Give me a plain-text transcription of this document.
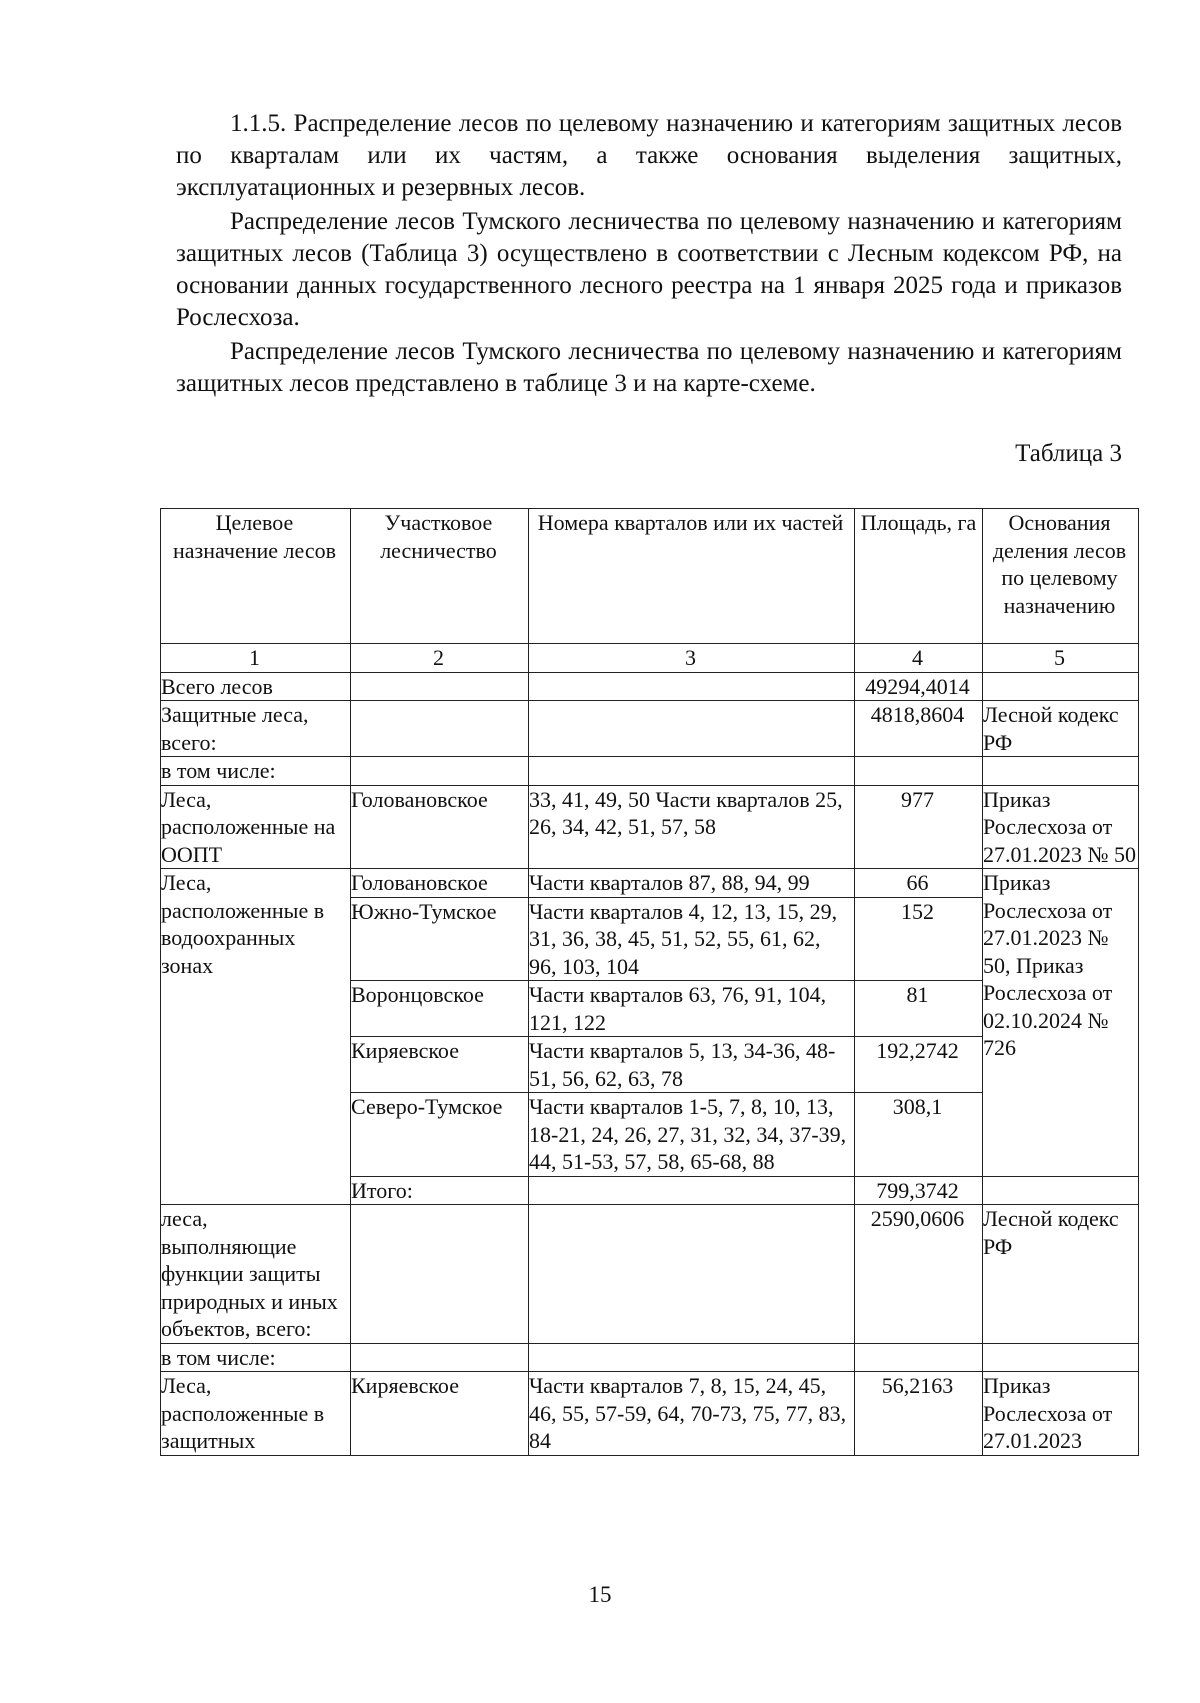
1.1.5. Распределение лесов по целевому назначению и категориям защитных лесов по кварталам или их частям, а также основания выделения защитных, эксплуатационных и резервных лесов.

Распределение лесов Тумского лесничества по целевому назначению и категориям защитных лесов (Таблица 3) осуществлено в соответствии с Лесным кодексом РФ, на основании данных государственного лесного реестра на 1 января 2025 года и приказов Рослесхоза.

Распределение лесов Тумского лесничества по целевому назначению и категориям защитных лесов представлено в таблице 3 и на карте-схеме.

Таблица 3
Целевое назначение лесов	Участковое лесничество	Номера кварталов или их частей	Площадь, га	Основания деления лесов по целевому назначению
1	2	3	4	5
Всего лесов			49294,4014	
Защитные леса, всего:			4818,8604	Лесной кодекс РФ
в том числе:				
Леса, расположенные на ООПТ	Головановское	33, 41, 49, 50 Части кварталов 25, 26, 34, 42, 51, 57, 58	977	Приказ Рослесхоза от 27.01.2023 № 50
Леса, расположенные в водоохранных зонах	Головановское	Части кварталов 87, 88, 94, 99	66	Приказ Рослесхоза от 27.01.2023 № 50, Приказ Рослесхоза от 02.10.2024 № 726
	Южно-Тумское	Части кварталов 4, 12, 13, 15, 29, 31, 36, 38, 45, 51, 52, 55, 61, 62, 96, 103, 104	152	
	Воронцовское	Части кварталов 63, 76, 91, 104, 121, 122	81	
	Киряевское	Части кварталов 5, 13, 34-36, 48-51, 56, 62, 63, 78	192,2742	
	Северо-Тумское	Части кварталов 1-5, 7, 8, 10, 13, 18-21, 24, 26, 27, 31, 32, 34, 37-39, 44, 51-53, 57, 58, 65-68, 88	308,1	
	Итого:		799,3742	
леса, выполняющие функции защиты природных и иных объектов, всего:			2590,0606	Лесной кодекс РФ
в том числе:				
Леса, расположенные в защитных	Киряевское	Части кварталов 7, 8, 15, 24, 45, 46, 55, 57-59, 64, 70-73, 75, 77, 83, 84	56,2163	Приказ Рослесхоза от 27.01.2023
15
